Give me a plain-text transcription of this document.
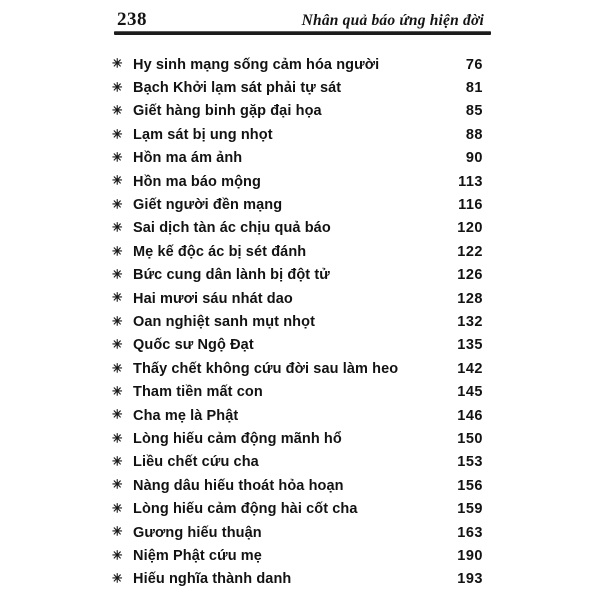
238	Nhân quả báo ứng hiện đời
✳ Hy sinh mạng sống cảm hóa người	76
✳ Bạch Khởi lạm sát phải tự sát	81
✳ Giết hàng binh gặp đại họa	85
✳ Lạm sát bị ung nhọt	88
✳ Hồn ma ám ảnh	90
✳ Hồn ma báo mộng	113
✳ Giết người đền mạng	116
✳ Sai dịch tàn ác chịu quả báo	120
✳ Mẹ kế độc ác bị sét đánh	122
✳ Bức cung dân lành bị đột tử	126
✳ Hai mươi sáu nhát dao	128
✳ Oan nghiệt sanh mụt nhọt	132
✳ Quốc sư Ngộ Đạt	135
✳ Thấy chết không cứu đời sau làm heo	142
✳ Tham tiền mất con	145
✳ Cha mẹ là Phật	146
✳ Lòng hiếu cảm động mãnh hổ	150
✳ Liều chết cứu cha	153
✳ Nàng dâu hiếu thoát hỏa hoạn	156
✳ Lòng hiếu cảm động hài cốt cha	159
✳ Gương hiếu thuận	163
✳ Niệm Phật cứu mẹ	190
✳ Hiếu nghĩa thành danh	193
